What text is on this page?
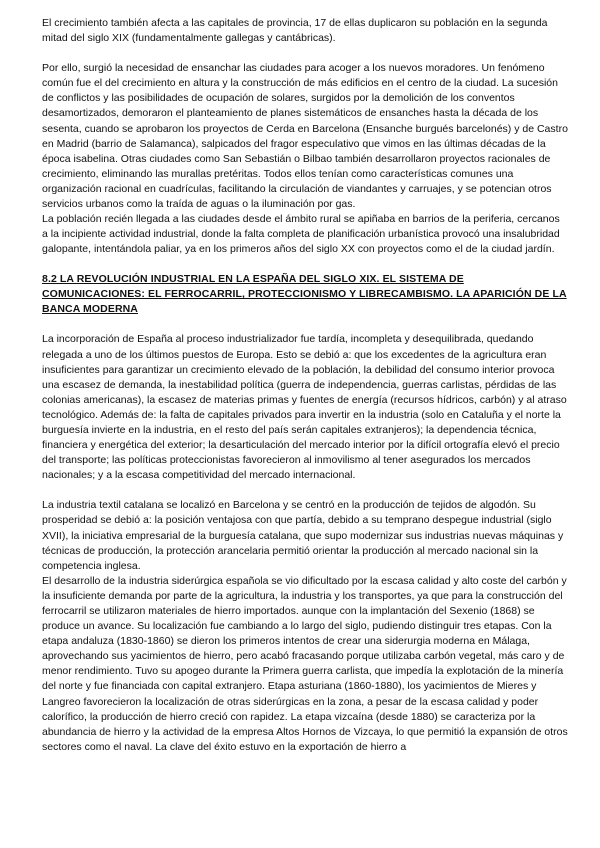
El crecimiento también afecta a las capitales de provincia, 17 de ellas duplicaron su población en la segunda mitad del siglo XIX (fundamentalmente gallegas y cantábricas).

Por ello, surgió la necesidad de ensanchar las ciudades para acoger a los nuevos moradores. Un fenómeno común fue el del crecimiento en altura y la construcción de más edificios en el centro de la ciudad. La sucesión de conflictos y las posibilidades de ocupación de solares, surgidos por la demolición de los conventos desamortizados, demoraron el planteamiento de planes sistemáticos de ensanches hasta la década de los sesenta, cuando se aprobaron los proyectos de Cerda en Barcelona (Ensanche burgués barcelonés) y de Castro en Madrid (barrio de Salamanca), salpicados del fragor especulativo que vimos en las últimas décadas de la época isabelina. Otras ciudades como San Sebastián o Bilbao también desarrollaron proyectos racionales de crecimiento, eliminando las murallas pretéritas. Todos ellos tenían como características comunes una organización racional en cuadrículas, facilitando la circulación de viandantes y carruajes, y se potencian otros servicios urbanos como la traída de aguas o la iluminación por gas.

La población recién llegada a las ciudades desde el ámbito rural se apiñaba en barrios de la periferia, cercanos a la incipiente actividad industrial, donde la falta completa de planificación urbanística provocó una insalubridad galopante, intentándola paliar, ya en los primeros años del siglo XX con proyectos como el de la ciudad jardín.

8.2 LA REVOLUCIÓN INDUSTRIAL EN LA ESPAÑA DEL SIGLO XIX. EL SISTEMA DE COMUNICACIONES: EL FERROCARRIL, PROTECCIONISMO Y LIBRECAMBISMO. LA APARICIÓN DE LA BANCA MODERNA

La incorporación de España al proceso industrializador fue tardía, incompleta y desequilibrada, quedando relegada a uno de los últimos puestos de Europa. Esto se debió a: que los excedentes de la agricultura eran insuficientes para garantizar un crecimiento elevado de la población, la debilidad del consumo interior provoca una escasez de demanda, la inestabilidad política (guerra de independencia, guerras carlistas, pérdidas de las colonias americanas), la escasez de materias primas y fuentes de energía (recursos hídricos, carbón) y al atraso tecnológico. Además de: la falta de capitales privados para invertir en la industria (solo en Cataluña y el norte la burguesía invierte en la industria, en el resto del país serán capitales extranjeros); la dependencia técnica, financiera y energética del exterior; la desarticulación del mercado interior por la difícil ortografía elevó el precio del transporte; las políticas proteccionistas favorecieron al inmovilismo al tener asegurados los mercados nacionales; y a la escasa competitividad del mercado internacional.

La industria textil catalana se localizó en Barcelona y se centró en la producción de tejidos de algodón. Su prosperidad se debió a: la posición ventajosa con que partía, debido a su temprano despegue industrial (siglo XVII), la iniciativa empresarial de la burguesía catalana, que supo modernizar sus industrias nuevas máquinas y técnicas de producción, la protección arancelaria permitió orientar la producción al mercado nacional sin la competencia inglesa.

El desarrollo de la industria siderúrgica española se vio dificultado por la escasa calidad y alto coste del carbón y la insuficiente demanda por parte de la agricultura, la industria y los transportes, ya que para la construcción del ferrocarril se utilizaron materiales de hierro importados. aunque con la implantación del Sexenio (1868) se produce un avance. Su localización fue cambiando a lo largo del siglo, pudiendo distinguir tres etapas. Con la etapa andaluza (1830-1860) se dieron los primeros intentos de crear una siderurgia moderna en Málaga, aprovechando sus yacimientos de hierro, pero acabó fracasando porque utilizaba carbón vegetal, más caro y de menor rendimiento. Tuvo su apogeo durante la Primera guerra carlista, que impedía la explotación de la minería del norte y fue financiada con capital extranjero. Etapa asturiana (1860-1880), los yacimientos de Mieres y Langreo favorecieron la localización de otras siderúrgicas en la zona, a pesar de la escasa calidad y poder calorífico, la producción de hierro creció con rapidez. La etapa vizcaína (desde 1880) se caracteriza por la abundancia de hierro y la actividad de la empresa Altos Hornos de Vizcaya, lo que permitió la expansión de otros sectores como el naval. La clave del éxito estuvo en la exportación de hierro a
